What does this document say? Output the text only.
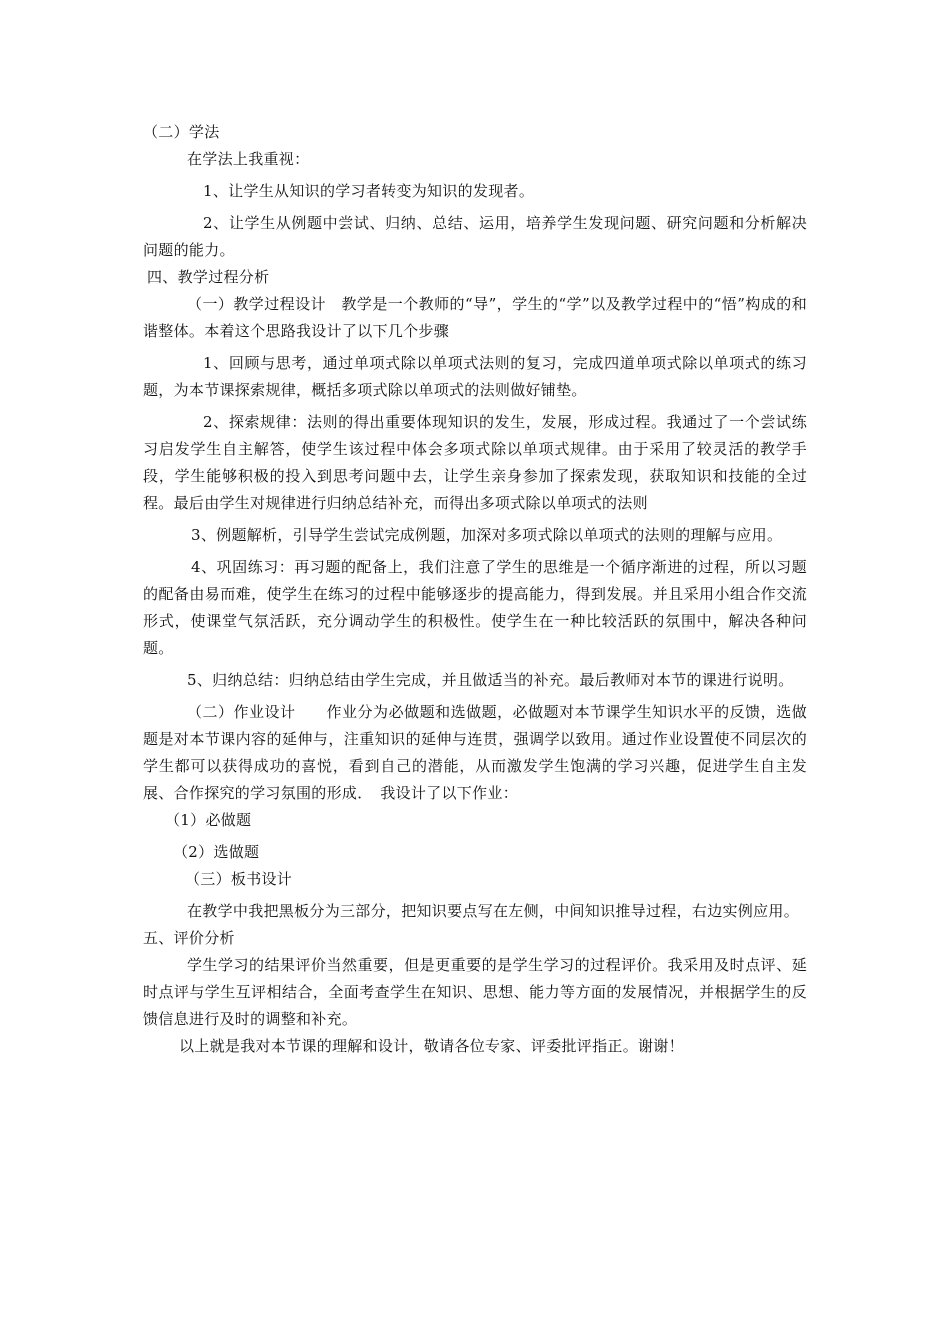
（二）学法

在学法上我重视：

1、让学生从知识的学习者转变为知识的发现者。

2、让学生从例题中尝试、归纳、总结、运用，培养学生发现问题、研究问题和分析解决问题的能力。

四、教学过程分析

（一）教学过程设计　教学是一个教师的“导”，学生的“学”以及教学过程中的“悟”构成的和谐整体。本着这个思路我设计了以下几个步骤

1、回顾与思考，通过单项式除以单项式法则的复习，完成四道单项式除以单项式的练习题，为本节课探索规律，概括多项式除以单项式的法则做好铺垫。

2、探索规律：法则的得出重要体现知识的发生，发展，形成过程。我通过了一个尝试练习启发学生自主解答，使学生该过程中体会多项式除以单项式规律。由于采用了较灵活的教学手段，学生能够积极的投入到思考问题中去，让学生亲身参加了探索发现，获取知识和技能的全过程。最后由学生对规律进行归纳总结补充，而得出多项式除以单项式的法则

3、例题解析，引导学生尝试完成例题，加深对多项式除以单项式的法则的理解与应用。

4、巩固练习：再习题的配备上，我们注意了学生的思维是一个循序渐进的过程，所以习题的配备由易而难，使学生在练习的过程中能够逐步的提高能力，得到发展。并且采用小组合作交流形式，使课堂气氛活跃，充分调动学生的积极性。使学生在一种比较活跃的氛围中，解决各种问题。

5、归纳总结：归纳总结由学生完成，并且做适当的补充。最后教师对本节的课进行说明。

（二）作业设计　　作业分为必做题和选做题，必做题对本节课学生知识水平的反馈，选做题是对本节课内容的延伸与，注重知识的延伸与连贯，强调学以致用。通过作业设置使不同层次的学生都可以获得成功的喜悦，看到自己的潜能，从而激发学生饱满的学习兴趣，促进学生自主发展、合作探究的学习氛围的形成．　我设计了以下作业：

（1）必做题

（2）选做题

（三）板书设计

在教学中我把黑板分为三部分，把知识要点写在左侧，中间知识推导过程，右边实例应用。

五、评价分析

学生学习的结果评价当然重要，但是更重要的是学生学习的过程评价。我采用及时点评、延时点评与学生互评相结合，全面考查学生在知识、思想、能力等方面的发展情况，并根据学生的反馈信息进行及时的调整和补充。

以上就是我对本节课的理解和设计，敬请各位专家、评委批评指正。谢谢！
